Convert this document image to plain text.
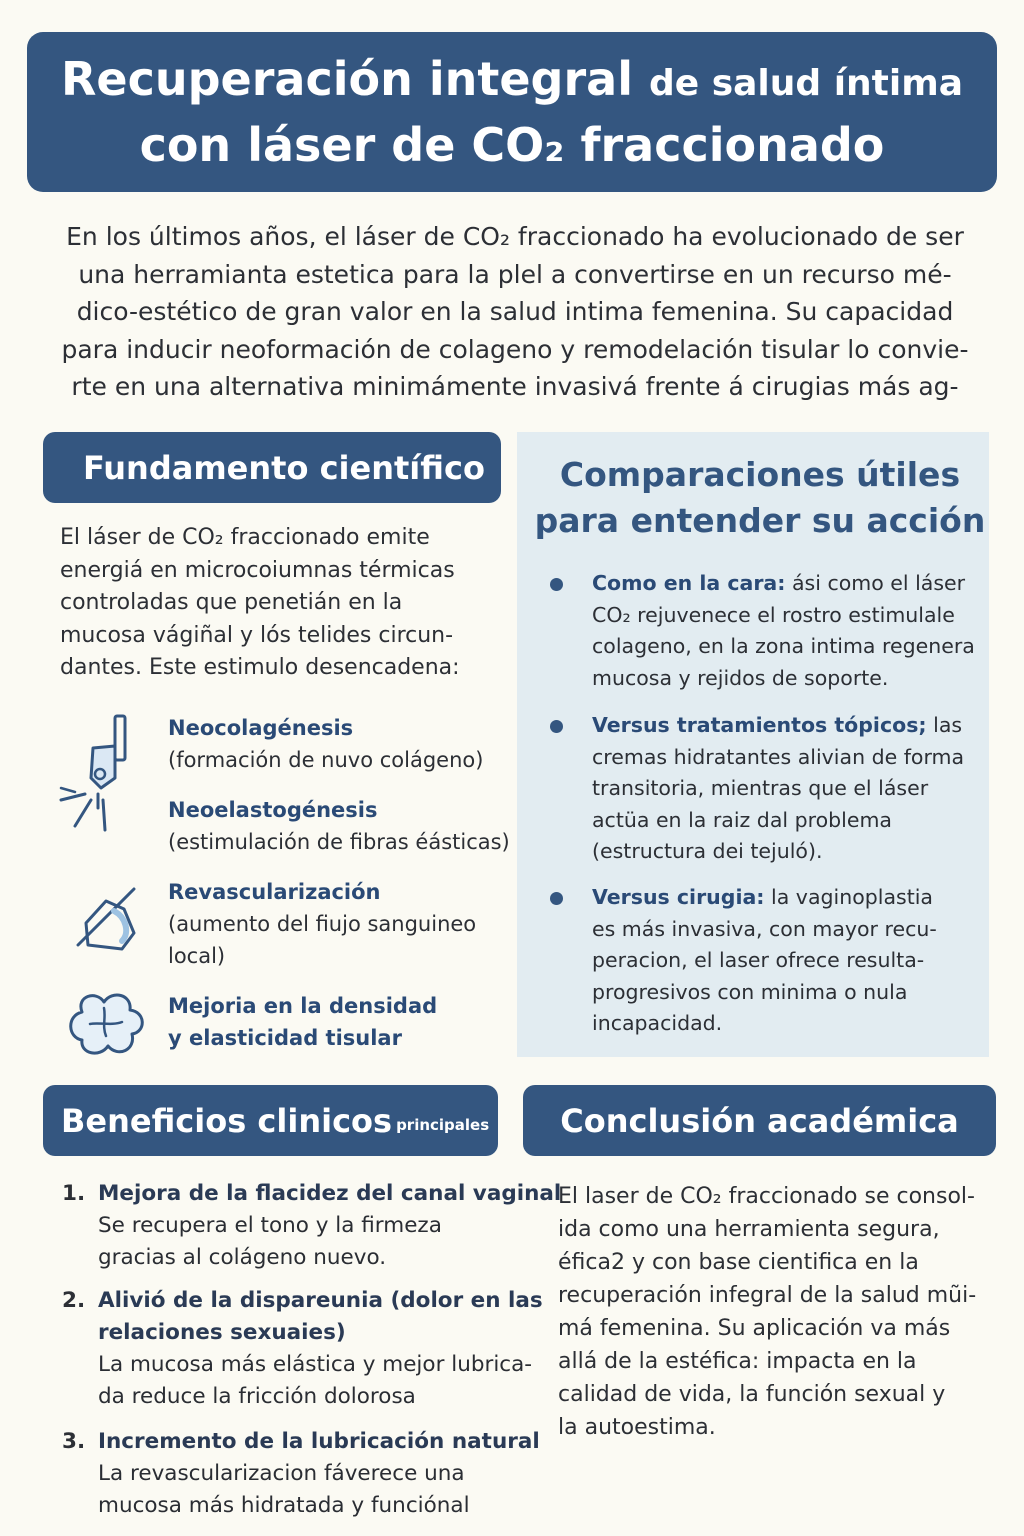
Recuperación integral de salud íntima
con láser de CO₂ fraccionado

En los últimos años, el láser de CO₂ fraccionado ha evolucionado de ser

una herramianta estetica para la plel a convertirse en un recurso mé-

dico-estético de gran valor en la salud intima femenina. Su capacidad

para inducir neoformación de colageno y remodelación tisular lo convie-

rte en una alternativa minimámente invasivá frente á cirugias más ag-

Fundamento científico
El láser de CO₂ fraccionado emite
energiá en microcoiumnas térmicas
controladas que penetián en la
mucosa vágiñal y lós telides circun-
dantes. Este estimulo desencadena:
Neocolagénesis
(formación de nuvo colágeno)
Neoelastogénesis
(estimulación de fibras éásticas)
Revascularización
(aumento del fiujo sanguineo
local)
Mejoria en la densidad
y elasticidad tisular
Comparaciones útiles
para entender su acción
Como en la cara: ási como el láser
CO₂ rejuvenece el rostro estimulale
colageno, en la zona intima regenera
mucosa y rejidos de soporte.
Versus tratamientos tópicos; las
cremas hidratantes alivian de forma
transitoria, mientras que el láser
actüa en la raiz dal problema
(estructura dei tejuló).
Versus cirugia: la vaginoplastia
es más invasiva, con mayor recu-
peracion, el laser ofrece resulta-
progresivos con minima o nula
incapacidad.
Beneficios clinicos principales
1. Mejora de la flacidez del canal vaginal
Se recupera el tono y la firmeza
gracias al colágeno nuevo.
2. Alivió de la dispareunia (dolor en las
relaciones sexuaies)
La mucosa más elástica y mejor lubrica-
da reduce la fricción dolorosa
3. Incremento de la lubricación natural
La revascularizacion fáverece una
mucosa más hidratada y funciónal
Conclusión académica
El laser de CO₂ fraccionado se consol-
ida como una herramienta segura,
éfica2 y con base cientifica en la
recuperación infegral de la salud mũi-
má femenina. Su aplicación va más
allá de la estéfica: impacta en la
calidad de vida, la función sexual y
la autoestima.
